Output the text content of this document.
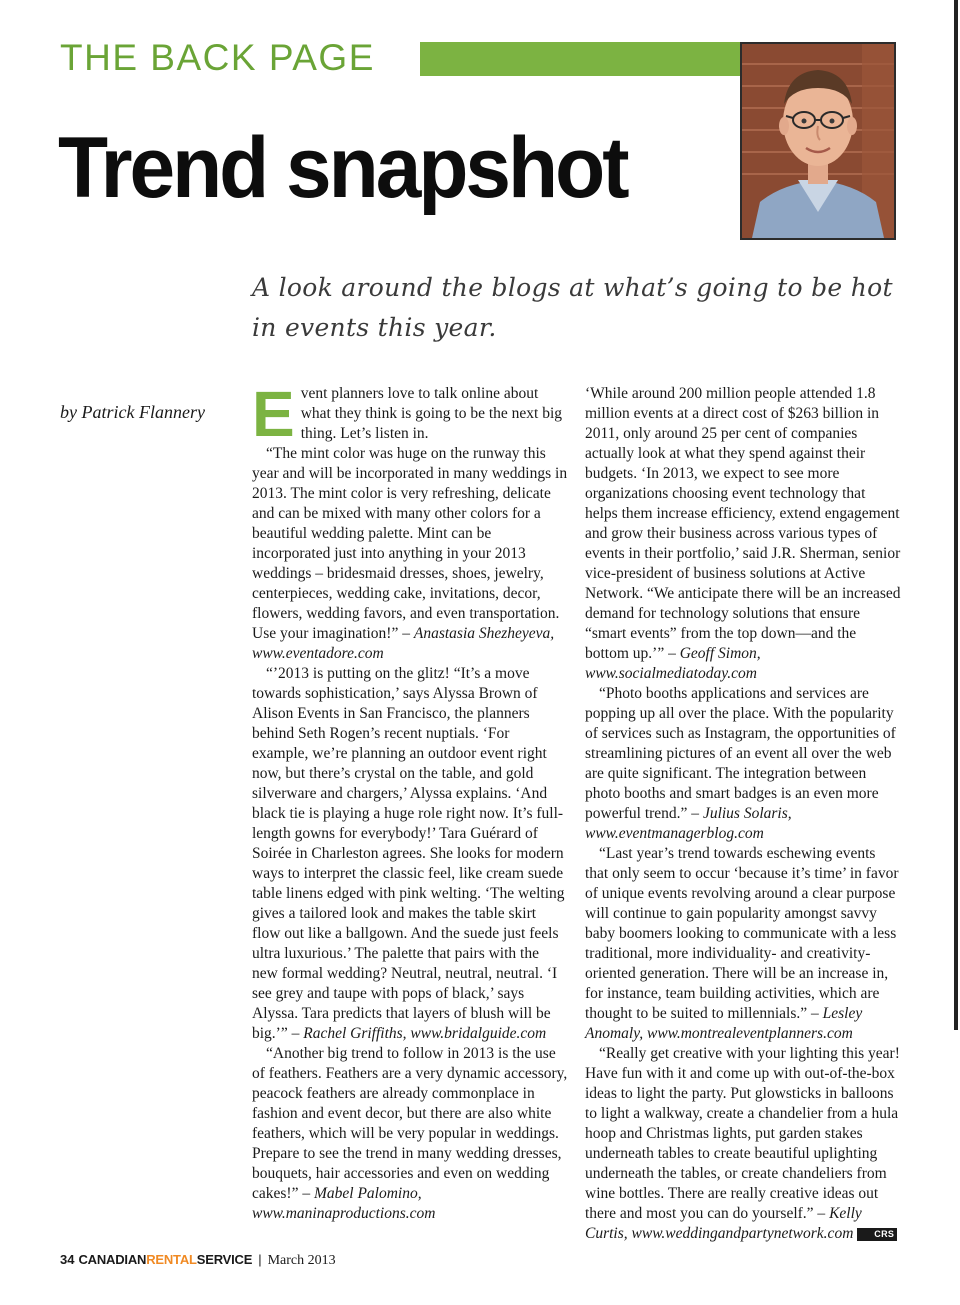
THE BACK PAGE
Trend snapshot

A look around the blogs at what’s going to be hot in events this year.

by Patrick Flannery Event planners love to talk online about what they think is going to be the next big thing. Let’s listen in.

“The mint color was huge on the runway this year and will be incorporated in many weddings in 2013. The mint color is very refreshing, delicate and can be mixed with many other colors for a beautiful wedding palette. Mint can be incorporated just into anything in your 2013 weddings – bridesmaid dresses, shoes, jewelry, centerpieces, wedding cake, invitations, decor, flowers, wedding favors, and even transportation. Use your imagination!” – Anastasia Shezheyeva, www.eventadore.com

“’2013 is putting on the glitz! “It’s a move towards sophistication,’ says Alyssa Brown of Alison Events in San Francisco, the planners behind Seth Rogen’s recent nuptials. ‘For example, we’re planning an outdoor event right now, but there’s crystal on the table, and gold silverware and chargers,’ Alyssa explains. ‘And black tie is playing a huge role right now. It’s full-length gowns for everybody!’ Tara Guérard of Soirée in Charleston agrees. She looks for modern ways to interpret the classic feel, like cream suede table linens edged with pink welting. ‘The welting gives a tailored look and makes the table skirt flow out like a ballgown. And the suede just feels ultra luxurious.’ The palette that pairs with the new formal wedding? Neutral, neutral, neutral. ‘I see grey and taupe with pops of black,’ says Alyssa. Tara predicts that layers of blush will be big.’” – Rachel Griffiths, www.bridalguide.com

“Another big trend to follow in 2013 is the use of feathers. Feathers are a very dynamic accessory, peacock feathers are already commonplace in fashion and event decor, but there are also white feathers, which will be very popular in weddings. Prepare to see the trend in many wedding dresses, bouquets, hair accessories and even on wedding cakes!” – Mabel Palomino, www.maninaproductions.com

‘While around 200 million people attended 1.8 million events at a direct cost of $263 billion in 2011, only around 25 per cent of companies actually look at what they spend against their budgets. ‘In 2013, we expect to see more organizations choosing event technology that helps them increase efficiency, extend engagement and grow their business across various types of events in their portfolio,’ said J.R. Sherman, senior vice-president of business solutions at Active Network. “We anticipate there will be an increased demand for technology solutions that ensure “smart events” from the top down—and the bottom up.’” – Geoff Simon, www.socialmediatoday.com

“Photo booths applications and services are popping up all over the place. With the popularity of services such as Instagram, the opportunities of streamlining pictures of an event all over the web are quite significant. The integration between photo booths and smart badges is an even more powerful trend.” – Julius Solaris, www.eventmanagerblog.com

“Last year’s trend towards eschewing events that only seem to occur ‘because it’s time’ in favor of unique events revolving around a clear purpose will continue to gain popularity amongst savvy baby boomers looking to communicate with a less traditional, more individuality- and creativity-oriented generation. There will be an increase in, for instance, team building activities, which are thought to be suited to millennials.” – Lesley Anomaly, www.montrealeventplanners.com

“Really get creative with your lighting this year! Have fun with it and come up with out-of-the-box ideas to light the party. Put glowsticks in balloons to light a walkway, create a chandelier from a hula hoop and Christmas lights, put garden stakes underneath tables to create beautiful uplighting underneath the tables, or create chandeliers from wine bottles. There are really creative ideas out there and most you can do yourself.” – Kelly Curtis, www.weddingandpartynetwork.com CRS

34 CANADIANRENTALSERVICE | March 2013
